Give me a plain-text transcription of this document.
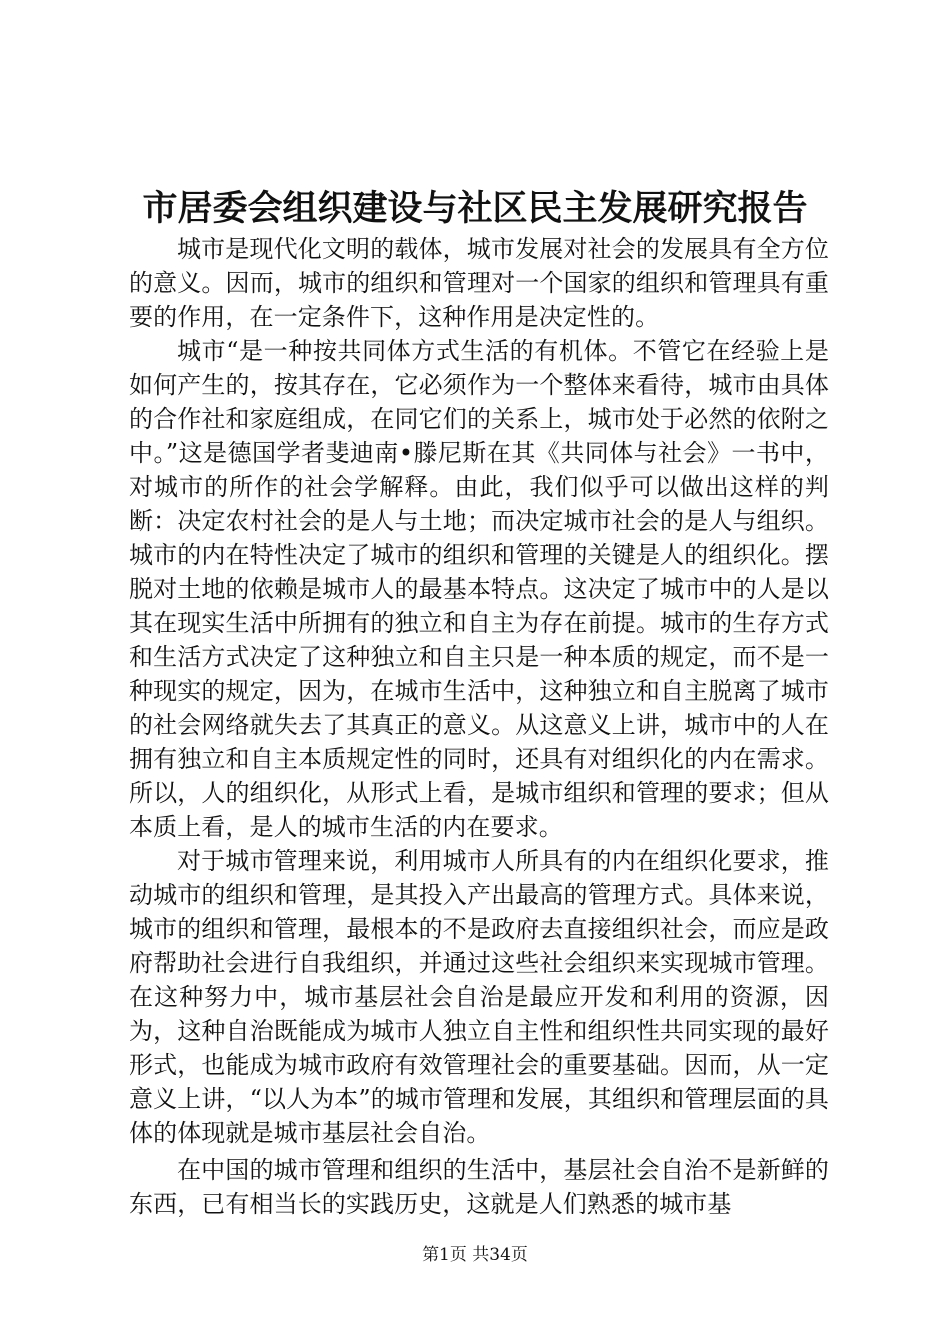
市居委会组织建设与社区民主发展研究报告

城市是现代化文明的载体，城市发展对社会的发展具有全方位的意义。因而，城市的组织和管理对一个国家的组织和管理具有重要的作用，在一定条件下，这种作用是决定性的。

城市“是一种按共同体方式生活的有机体。不管它在经验上是如何产生的，按其存在，它必须作为一个整体来看待，城市由具体的合作社和家庭组成，在同它们的关系上，城市处于必然的依附之中。”这是德国学者斐迪南•滕尼斯在其《共同体与社会》一书中，对城市的所作的社会学解释。由此，我们似乎可以做出这样的判断：决定农村社会的是人与土地；而决定城市社会的是人与组织。城市的内在特性决定了城市的组织和管理的关键是人的组织化。摆脱对土地的依赖是城市人的最基本特点。这决定了城市中的人是以其在现实生活中所拥有的独立和自主为存在前提。城市的生存方式和生活方式决定了这种独立和自主只是一种本质的规定，而不是一种现实的规定，因为，在城市生活中，这种独立和自主脱离了城市的社会网络就失去了其真正的意义。从这意义上讲，城市中的人在拥有独立和自主本质规定性的同时，还具有对组织化的内在需求。所以，人的组织化，从形式上看，是城市组织和管理的要求；但从本质上看，是人的城市生活的内在要求。

对于城市管理来说，利用城市人所具有的内在组织化要求，推动城市的组织和管理，是其投入产出最高的管理方式。具体来说，城市的组织和管理，最根本的不是政府去直接组织社会，而应是政府帮助社会进行自我组织，并通过这些社会组织来实现城市管理。在这种努力中，城市基层社会自治是最应开发和利用的资源，因为，这种自治既能成为城市人独立自主性和组织性共同实现的最好形式，也能成为城市政府有效管理社会的重要基础。因而，从一定意义上讲，“以人为本”的城市管理和发展，其组织和管理层面的具体的体现就是城市基层社会自治。

在中国的城市管理和组织的生活中，基层社会自治不是新鲜的东西，已有相当长的实践历史，这就是人们熟悉的城市基

第1页 共34页
